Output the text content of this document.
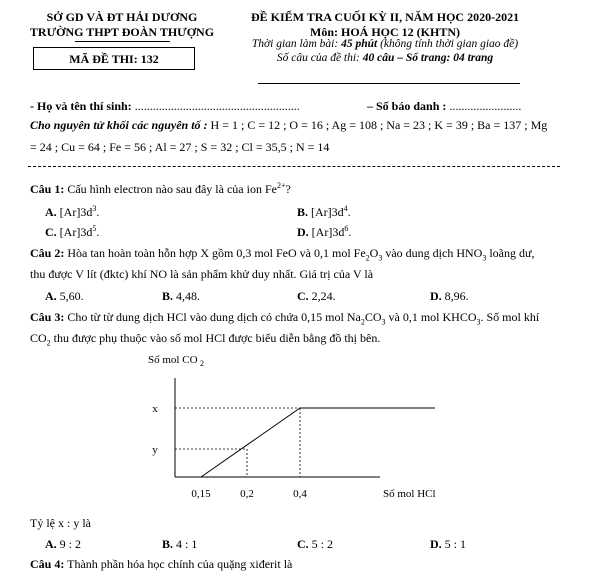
SỞ GD VÀ ĐT HẢI DƯƠNG
TRƯỜNG THPT ĐOÀN THƯỢNG
MÃ ĐỀ THI: 132
ĐỀ KIỂM TRA CUỐI KỲ II, NĂM HỌC 2020-2021
Môn: HOÁ HỌC 12 (KHTN)
Thời gian làm bài: 45 phút (không tính thời gian giao đề)
Số câu của đề thi: 40 câu – Số trang: 04 trang
- Họ và tên thí sinh: .......................................................	– Số báo danh : ........................
Cho nguyên tử khối các nguyên tố : H = 1 ; C = 12 ; O = 16 ; Ag = 108 ; Na = 23 ; K = 39 ; Ba = 137 ; Mg
= 24 ; Cu = 64 ; Fe = 56 ; Al = 27 ; S = 32 ; Cl = 35,5 ; N = 14
Câu 1: Cấu hình electron nào sau đây là của ion $Fe^{2+}$?
A. $[Ar]3d^3$.	B. $[Ar]3d^4$.
C. $[Ar]3d^5$.	D. $[Ar]3d^6$.
Câu 2: Hòa tan hoàn toàn hỗn hợp X gồm 0,3 mol FeO và 0,1 mol $Fe_2O_3$ vào dung dịch $HNO_3$ loãng dư,
thu được V lít (đktc) khí NO là sản phẩm khử duy nhất. Giá trị của V là
A. 5,60.	B. 4,48.	C. 2,24.	D. 8,96.
Câu 3: Cho từ từ dung dịch HCl vào dung dịch có chứa 0,15 mol $Na_2CO_3$ và 0,1 mol $KHCO_3$. Số mol khí
$CO_2$ thu được phụ thuộc vào số mol HCl được biểu diễn bằng đồ thị bên.
0,15	0,2	0,4
x
y
Số mol CO 2
Số mol HCl
Tỷ lệ x : y là
A. 9 : 2	B. 4 : 1	C. 5 : 2	D. 5 : 1
Câu 4: Thành phần hóa học chính của quặng xiđerit là
